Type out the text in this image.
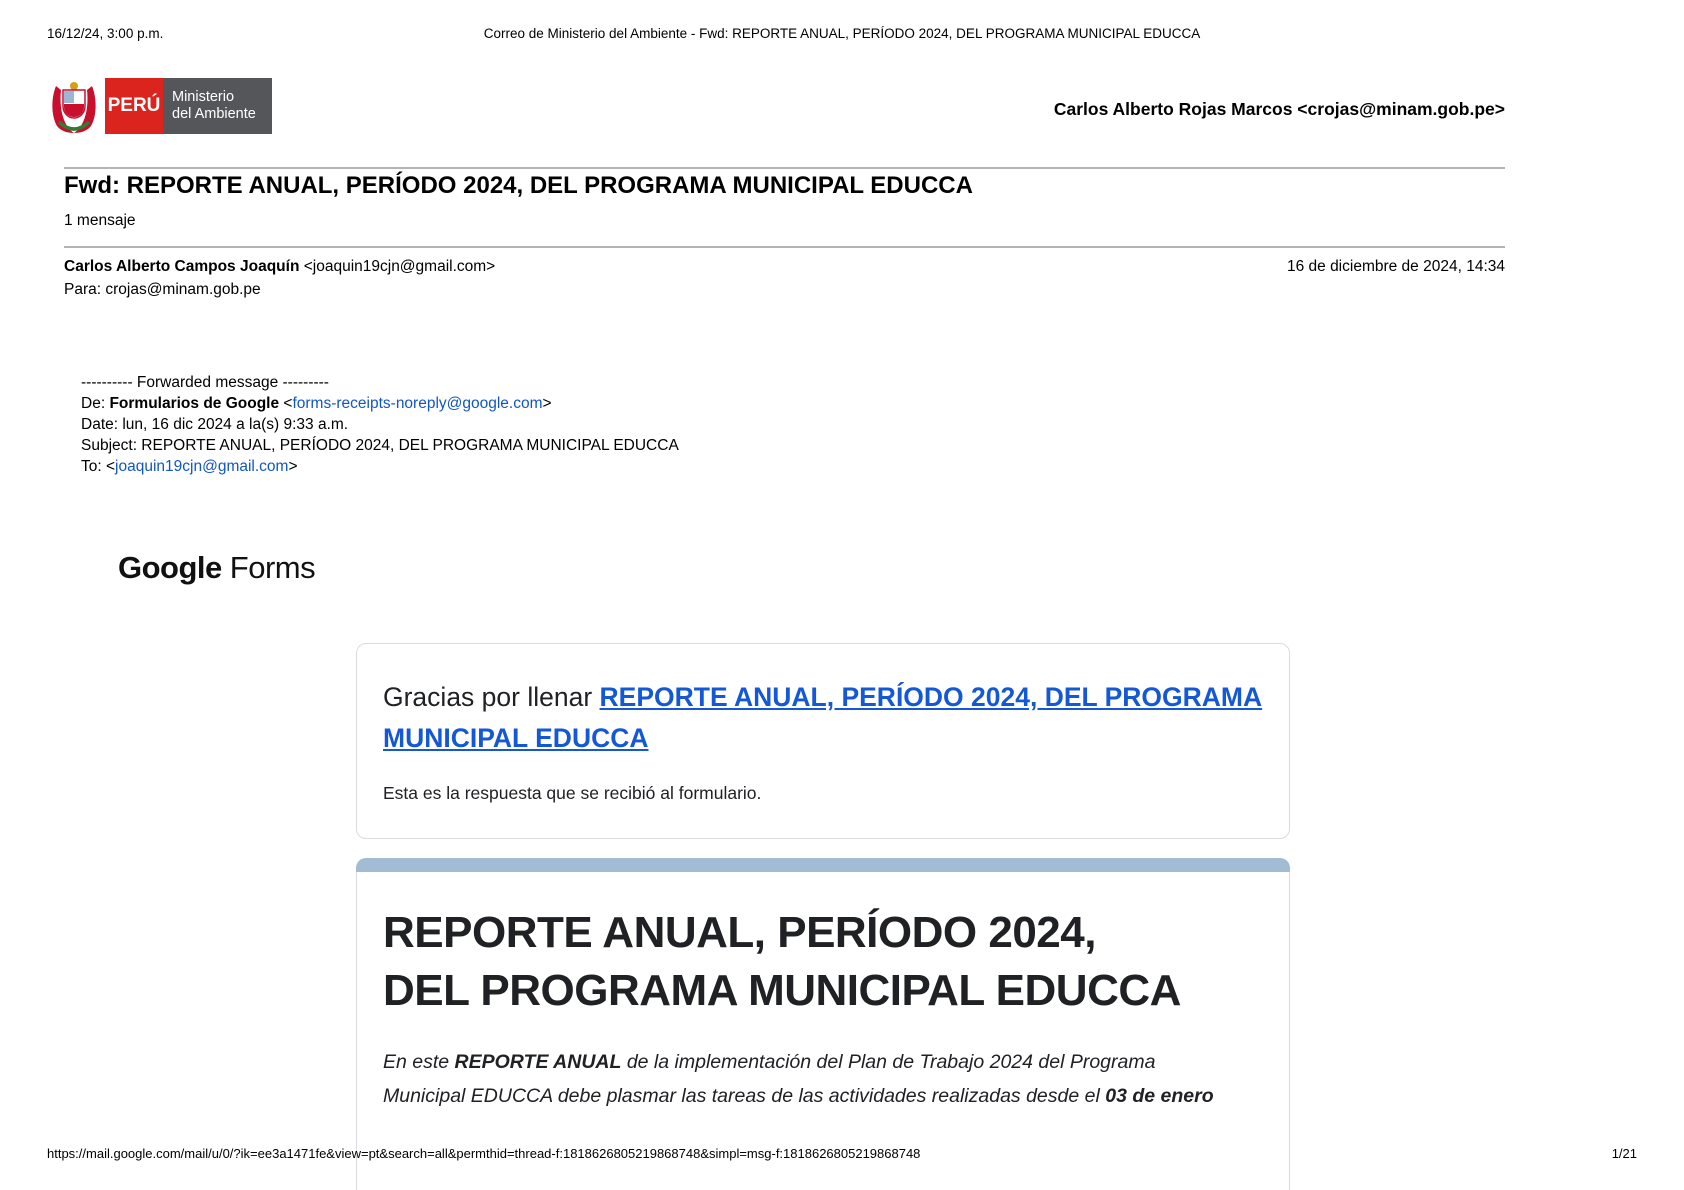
16/12/24, 3:00 p.m.	Correo de Ministerio del Ambiente - Fwd: REPORTE ANUAL, PERÍODO 2024, DEL PROGRAMA MUNICIPAL EDUCCA
PERÚ Ministerio
del Ambiente	Carlos Alberto Rojas Marcos <crojas@minam.gob.pe>
Fwd: REPORTE ANUAL, PERÍODO 2024, DEL PROGRAMA MUNICIPAL EDUCCA
1 mensaje
Carlos Alberto Campos Joaquín <joaquin19cjn@gmail.com>	16 de diciembre de 2024, 14:34
Para: crojas@minam.gob.pe
---------- Forwarded message ---------
De: Formularios de Google <forms-receipts-noreply@google.com>
Date: lun, 16 dic 2024 a la(s) 9:33 a.m.
Subject: REPORTE ANUAL, PERÍODO 2024, DEL PROGRAMA MUNICIPAL EDUCCA
To: <joaquin19cjn@gmail.com>
Google Forms
Gracias por llenar REPORTE ANUAL, PERÍODO 2024, DEL PROGRAMA MUNICIPAL EDUCCA
Esta es la respuesta que se recibió al formulario.
REPORTE ANUAL, PERÍODO 2024,
DEL PROGRAMA MUNICIPAL EDUCCA
En este REPORTE ANUAL de la implementación del Plan de Trabajo 2024 del Programa Municipal EDUCCA debe plasmar las tareas de las actividades realizadas desde el 03 de enero
https://mail.google.com/mail/u/0/?ik=ee3a1471fe&view=pt&search=all&permthid=thread-f:1818626805219868748&simpl=msg-f:1818626805219868748	1/21
